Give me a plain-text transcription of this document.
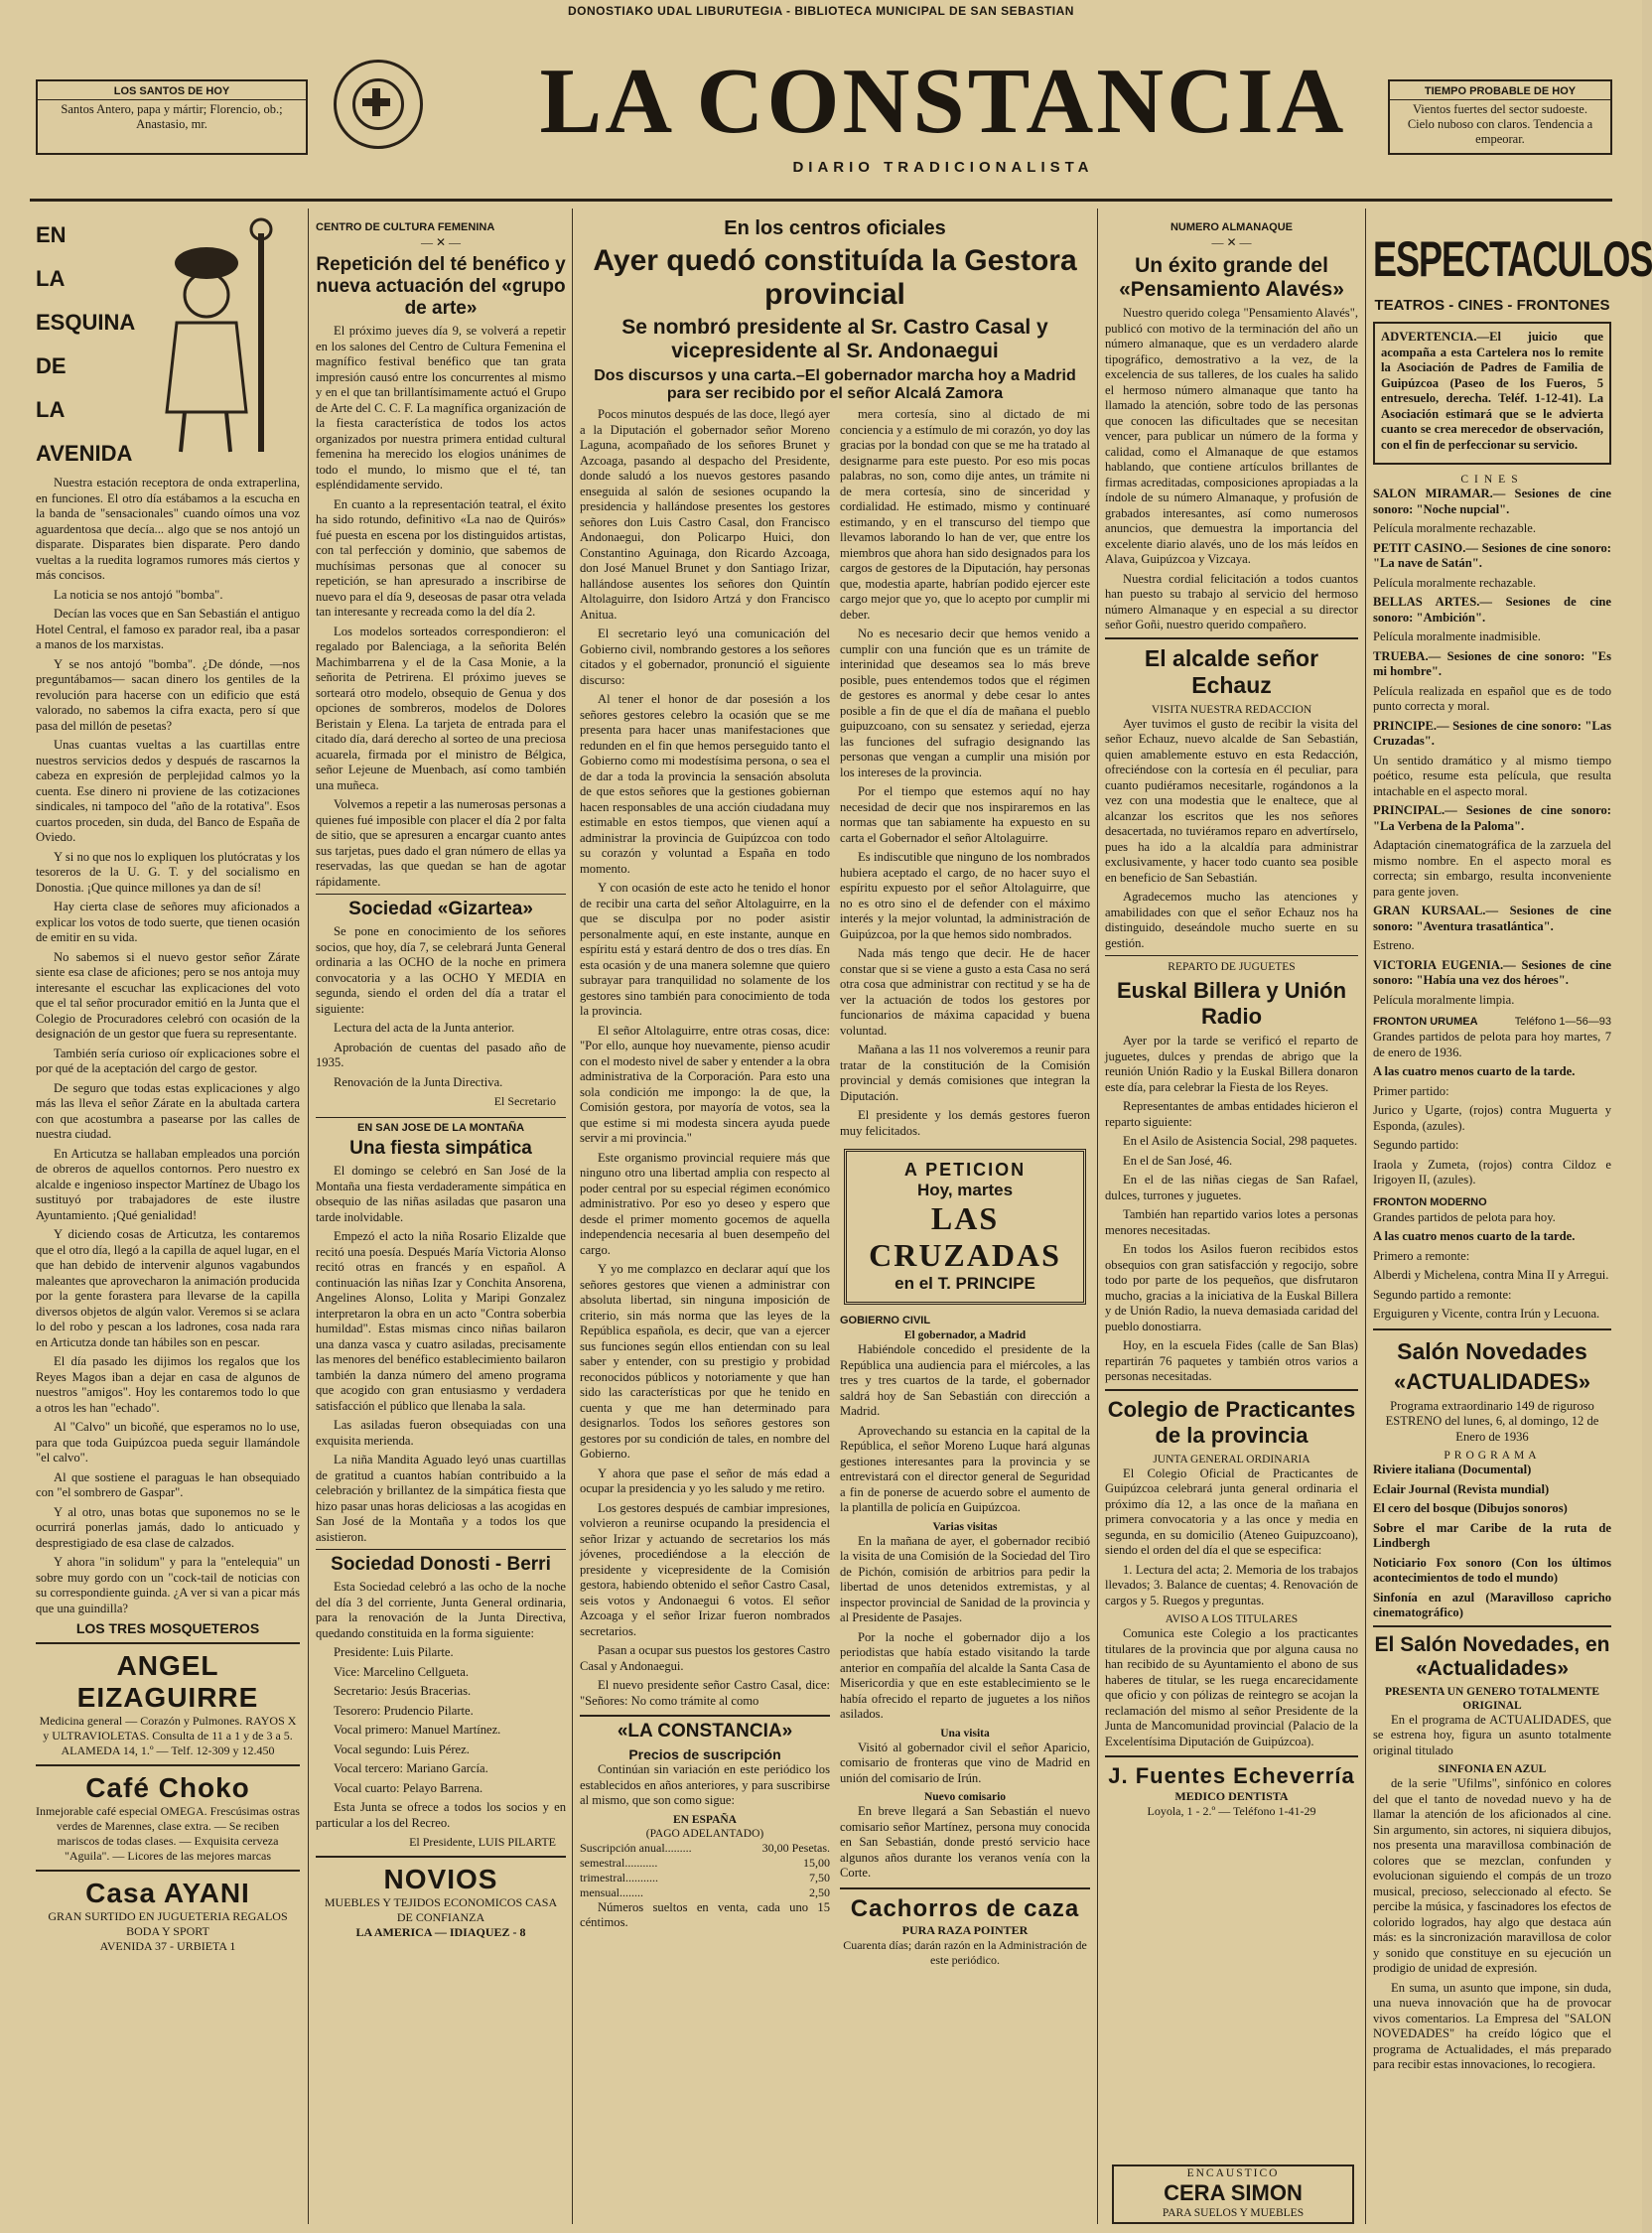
DONOSTIAKO UDAL LIBURUTEGIA - BIBLIOTECA MUNICIPAL DE SAN SEBASTIAN
LOS SANTOS DE HOY

Santos Antero, papa y mártir; Florencio, ob.; Anastasio, mr.	LA CONSTANCIA
DIARIO TRADICIONALISTA
TIEMPO PROBABLE DE HOY

Vientos fuertes del sector sudoeste. Cielo nuboso con claros. Tendencia a empeorar.

EN
LA
ESQUINA
DE
LA
AVENIDA

Nuestra estación receptora de onda extraperlina, en funciones. El otro día estábamos a la escucha en la banda de "sensacionales" cuando oímos una voz aguardentosa que decía... algo que se nos antojó un disparate. Disparates bien disparate. Pero dando vueltas a la ruedita logramos rumores más ciertos y más concisos.

La noticia se nos antojó "bomba".

Decían las voces que en San Sebastián el antiguo Hotel Central, el famoso ex parador real, iba a pasar a manos de los marxistas.

Y se nos antojó "bomba". ¿De dónde, —nos preguntábamos— sacan dinero los gentiles de la revolución para hacerse con un edificio que está valorado, no sabemos la cifra exacta, pero sí que pasa del millón de pesetas?

Unas cuantas vueltas a las cuartillas entre nuestros servicios dedos y después de rascarnos la cabeza en expresión de perplejidad calmos yo la cuenta. Ese dinero ni proviene de las cotizaciones sindicales, ni tampoco del "año de la rotativa". Esos cuartos proceden, sin duda, del Banco de España de Oviedo.

Y si no que nos lo expliquen los plutócratas y los tesoreros de la U. G. T. y del socialismo en Donostia. ¡Que quince millones ya dan de sí!

Hay cierta clase de señores muy aficionados a explicar los votos de todo suerte, que tienen ocasión de emitir en su vida.

No sabemos si el nuevo gestor señor Zárate siente esa clase de aficiones; pero se nos antoja muy interesante el escuchar las explicaciones del voto que el tal señor procurador emitió en la Junta que el Colegio de Procuradores celebró con ocasión de la designación de un gestor que fuera su representante.

También sería curioso oír explicaciones sobre el por qué de la aceptación del cargo de gestor.

De seguro que todas estas explicaciones y algo más las lleva el señor Zárate en la abultada cartera con que acostumbra a pasearse por las calles de nuestra ciudad.

En Articutza se hallaban empleados una porción de obreros de aquellos contornos. Pero nuestro ex alcalde e ingenioso inspector Martínez de Ubago los sustituyó por trabajadores de este ilustre Ayuntamiento. ¡Qué genialidad!

Y diciendo cosas de Articutza, les contaremos que el otro día, llegó a la capilla de aquel lugar, en el que han debido de intervenir algunos vagabundos maleantes que aprovecharon la animación producida por la gente forastera para llevarse de la capilla diversos objetos de algún valor. Veremos si se aclara lo del robo y pescan a los ladrones, cosa nada rara en Articutza donde tan hábiles son en pescar.

El día pasado les dijimos los regalos que los Reyes Magos iban a dejar en casa de algunos de nuestros "amigos". Hoy les contaremos todo lo que a otros les han "echado".

Al "Calvo" un bicoñé, que esperamos no lo use, para que toda Guipúzcoa pueda seguir llamándole "el calvo".

Al que sostiene el paraguas le han obsequiado con "el sombrero de Gaspar".

Y al otro, unas botas que suponemos no se le ocurrirá ponerlas jamás, dado lo anticuado y desprestigiado de esa clase de calzados.

Y ahora "in solidum" y para la "entelequia" un sobre muy gordo con un "cock-tail de noticias con su correspondiente guinda. ¿A ver si van a picar más que una guindilla?

LOS TRES MOSQUETEROS
ANGEL EIZAGUIRRE
Medicina general — Corazón y Pulmones. RAYOS X y ULTRAVIOLETAS. Consulta de 11 a 1 y de 3 a 5. ALAMEDA 14, 1.º — Telf. 12-309 y 12.450
Café Choko
Inmejorable café especial OMEGA. Frescúsimas ostras verdes de Marennes, clase extra. — Se reciben mariscos de todas clases. — Exquisita cerveza "Aguila". — Licores de las mejores marcas
Casa AYANI
GRAN SURTIDO EN JUGUETERIA REGALOS BODA Y SPORT
AVENIDA 37 - URBIETA 1
CENTRO DE CULTURA FEMENINA
— ✕ —
Repetición del té benéfico y nueva actuación del «grupo de arte»

El próximo jueves día 9, se volverá a repetir en los salones del Centro de Cultura Femenina el magnífico festival benéfico que tan grata impresión causó entre los concurrentes al mismo y en el que tan brillantísimamente actuó el Grupo de Arte del C. C. F. La magnífica organización de la fiesta característica de todos los actos organizados por nuestra primera entidad cultural femenina ha merecido los elogios unánimes de todo el mundo, lo mismo que el té, tan espléndidamente servido.

En cuanto a la representación teatral, el éxito ha sido rotundo, definitivo «La nao de Quirós» fué puesta en escena por los distinguidos artistas, con tal perfección y dominio, que sabemos de muchísimas personas que al conocer su repetición, se han apresurado a inscribirse de nuevo para el día 9, deseosas de pasar otra velada tan interesante y recreada como la del día 2.

Los modelos sorteados correspondieron: el regalado por Balenciaga, a la señorita Belén Machimbarrena y el de la Casa Monie, a la señorita de Petrirena. El próximo jueves se sorteará otro modelo, obsequio de Genua y dos opciones de sombreros, modelos de Dolores Beristain y Elena. La tarjeta de entrada para el citado día, dará derecho al sorteo de una preciosa acuarela, firmada por el ministro de Bélgica, señor Lejeune de Muenbach, así como también una muñeca.

Volvemos a repetir a las numerosas personas a quienes fué imposible con placer el día 2 por falta de sitio, que se apresuren a encargar cuanto antes sus tarjetas, pues dado el gran número de ellas ya reservadas, las que quedan se han de agotar rápidamente.

Sociedad «Gizartea»

Se pone en conocimiento de los señores socios, que hoy, día 7, se celebrará Junta General ordinaria a las OCHO de la noche en primera convocatoria y a las OCHO Y MEDIA en segunda, siendo el orden del día a tratar el siguiente:

Lectura del acta de la Junta anterior.

Aprobación de cuentas del pasado año de 1935.

Renovación de la Junta Directiva.

El Secretario
EN SAN JOSE DE LA MONTAÑA
Una fiesta simpática

El domingo se celebró en San José de la Montaña una fiesta verdaderamente simpática en obsequio de las niñas asiladas que pasaron una tarde inolvidable.

Empezó el acto la niña Rosario Elizalde que recitó una poesía. Después María Victoria Alonso recitó otras en francés y en español. A continuación las niñas Izar y Conchita Ansorena, Angelines Alonso, Lolita y Maripi Gonzalez interpretaron la obra en un acto "Contra soberbia humildad". Estas mismas cinco niñas bailaron una danza vasca y cuatro asiladas, precisamente las menores del benéfico establecimiento bailaron también la danza número del ameno programa que acogido con gran entusiasmo y verdadera satisfacción el público que llenaba la sala.

Las asiladas fueron obsequiadas con una exquisita merienda.

La niña Mandita Aguado leyó unas cuartillas de gratitud a cuantos habían contribuido a la celebración y brillantez de la simpática fiesta que hizo pasar unas horas deliciosas a las acogidas en San José de la Montaña y a todos los que asistieron.

Sociedad Donosti - Berri

Esta Sociedad celebró a las ocho de la noche del día 3 del corriente, Junta General ordinaria, para la renovación de la Junta Directiva, quedando constituida en la forma siguiente:

Presidente: Luis Pilarte.

Vice: Marcelino Cellgueta.

Secretario: Jesús Bracerias.

Tesorero: Prudencio Pilarte.

Vocal primero: Manuel Martínez.

Vocal segundo: Luis Pérez.

Vocal tercero: Mariano García.

Vocal cuarto: Pelayo Barrena.

Esta Junta se ofrece a todos los socios y en particular a los del Recreo.

El Presidente, LUIS PILARTE
NOVIOS
MUEBLES Y TEJIDOS ECONOMICOS CASA DE CONFIANZA
LA AMERICA — IDIAQUEZ - 8
En los centros oficiales
Ayer quedó constituída la Gestora provincial
Se nombró presidente al Sr. Castro Casal y vicepresidente al Sr. Andonaegui
Dos discursos y una carta.–El gobernador marcha hoy a Madrid para ser recibido por el señor Alcalá Zamora

Pocos minutos después de las doce, llegó ayer a la Diputación el gobernador señor Moreno Laguna, acompañado de los señores Brunet y Azcoaga, pasando al despacho del Presidente, donde saludó a los nuevos gestores pasando enseguida al salón de sesiones ocupando la presidencia y hallándose presentes los gestores señores don Luis Castro Casal, don Francisco Andonaegui, don Policarpo Huici, don Constantino Aguinaga, don Ricardo Azcoaga, don José Manuel Brunet y don Santiago Irizar, hallándose ausentes los señores don Quintín Altolaguirre, don Isidoro Artzá y don Francisco Anitua.

El secretario leyó una comunicación del Gobierno civil, nombrando gestores a los señores citados y el gobernador, pronunció el siguiente discurso:

Al tener el honor de dar posesión a los señores gestores celebro la ocasión que se me presenta para hacer unas manifestaciones que redunden en el fin que hemos perseguido tanto el Gobierno como mi modestísima persona, o sea el de dar a toda la provincia la sensación absoluta de que estos señores que la gestiones gobiernan hacen responsables de una acción ciudadana muy estimable en estos tiempos, que vienen aquí a administrar la provincia de Guipúzcoa con todo su corazón y voluntad a España en todo momento.

Y con ocasión de este acto he tenido el honor de recibir una carta del señor Altolaguirre, en la que se disculpa por no poder asistir personalmente aquí, en este instante, aunque en espíritu está y estará dentro de dos o tres días. En esta ocasión y de una manera solemne que quiero subrayar para tranquilidad no solamente de los gestores sino también para conocimiento de toda la provincia.

El señor Altolaguirre, entre otras cosas, dice: "Por ello, aunque hoy nuevamente, pienso acudir con el modesto nivel de saber y entender a la obra administrativa de la Corporación. Para esto una sola condición me impongo: la de que, la Comisión gestora, por mayoría de votos, sea la que estime si mi modesta sincera ayuda puede servir a mi provincia."

Este organismo provincial requiere más que ninguno otro una libertad amplia con respecto al poder central por su especial régimen económico administrativo. Por eso yo deseo y espero que desde el primer momento gocemos de aquella independencia necesaria al buen desempeño del cargo.

Y yo me complazco en declarar aquí que los señores gestores que vienen a administrar con absoluta libertad, sin ninguna imposición de criterio, sin más norma que las leyes de la República española, es decir, que van a ejercer sus funciones según ellos entiendan con su leal saber y entender, con su prestigio y probidad reconocidos públicos y notoriamente y que han sido las características por que he tenido en cuenta y que me han determinado para designarlos. Todos los señores gestores son gestores por su condición de tales, en nombre del Gobierno.

Y ahora que pase el señor de más edad a ocupar la presidencia y yo les saludo y me retiro.

Los gestores después de cambiar impresiones, volvieron a reunirse ocupando la presidencia el señor Irizar y actuando de secretarios los más jóvenes, procediéndose a la elección de presidente y vicepresidente de la Comisión gestora, habiendo obtenido el señor Castro Casal, seis votos y Andonaegui 6 votos. El señor Azcoaga y el señor Irizar fueron nombrados secretarios.

Pasan a ocupar sus puestos los gestores Castro Casal y Andonaegui.

El nuevo presidente señor Castro Casal, dice: "Señores: No como trámite al como

«LA CONSTANCIA»
Precios de suscripción

Continúan sin variación en este periódico los establecidos en años anteriores, y para suscribirse al mismo, que son como sigue:

EN ESPAÑA
(PAGO ADELANTADO)
Suscripción anual.........	30,00 Pesetas.
semestral...........	15,00
trimestral...........	7,50
mensual........	2,50

Números sueltos en venta, cada uno 15 céntimos.

mera cortesía, sino al dictado de mi conciencia y a estímulo de mi corazón, yo doy las gracias por la bondad con que se me ha tratado al designarme para este puesto. Por eso mis pocas palabras, no son, como dije antes, un trámite ni de mera cortesía, sino de sinceridad y cordialidad. He estimado, mismo y continuaré estimando, y en el transcurso del tiempo que llevamos laborando lo han de ver, que entre los miembros que ahora han sido designados para los cargos de gestores de la Diputación, hay personas que, modestia aparte, habrían podido ejercer este cargo mejor que yo, que lo acepto por cumplir mi deber.

No es necesario decir que hemos venido a cumplir con una función que es un trámite de interinidad que deseamos sea lo más breve posible, pues entendemos todos que el régimen de gestores es anormal y debe cesar lo antes posible a fin de que el día de mañana el pueblo guipuzcoano, con su sensatez y seriedad, ejerza las funciones del sufragio designando las personas que vengan a cumplir una misión por los intereses de la provincia.

Por el tiempo que estemos aquí no hay necesidad de decir que nos inspiraremos en las normas que tan sabiamente ha expuesto en su carta el Gobernador el señor Altolaguirre.

Es indiscutible que ninguno de los nombrados hubiera aceptado el cargo, de no hacer suyo el espíritu expuesto por el señor Altolaguirre, que no es otro sino el de defender con el máximo interés y la mejor voluntad, la administración de Guipúzcoa, por la que hemos sido nombrados.

Nada más tengo que decir. He de hacer constar que si se viene a gusto a esta Casa no será otra cosa que administrar con rectitud y se ha de ver la actuación de todos los gestores por funcionarios de máxima capacidad y buena voluntad.

Mañana a las 11 nos volveremos a reunir para tratar de la constitución de la Comisión provincial y demás comisiones que integran la Diputación.

El presidente y los demás gestores fueron muy felicitados.

A PETICION
Hoy, martes
LAS CRUZADAS
en el T. PRINCIPE
GOBIERNO CIVIL
El gobernador, a Madrid

Habiéndole concedido el presidente de la República una audiencia para el miércoles, a las tres y tres cuartos de la tarde, el gobernador saldrá hoy de San Sebastián con dirección a Madrid.

Aprovechando su estancia en la capital de la República, el señor Moreno Luque hará algunas gestiones interesantes para la provincia y se entrevistará con el director general de Seguridad a fin de ponerse de acuerdo sobre el aumento de la plantilla de policía en Guipúzcoa.

Varias visitas

En la mañana de ayer, el gobernador recibió la visita de una Comisión de la Sociedad del Tiro de Pichón, comisión de arbitrios para pedir la libertad de unos detenidos extremistas, y al inspector provincial de Sanidad de la provincia y al Presidente de Pasajes.

Por la noche el gobernador dijo a los periodistas que había estado visitando la tarde anterior en compañía del alcalde la Santa Casa de Misericordia y que en este establecimiento se le había ofrecido el reparto de juguetes a los niños asilados.

Una visita

Visitó al gobernador civil el señor Aparicio, comisario de fronteras que vino de Madrid en unión del comisario de Irún.

Nuevo comisario

En breve llegará a San Sebastián el nuevo comisario señor Martínez, persona muy conocida en San Sebastián, donde prestó servicio hace algunos años durante los veranos venía con la Corte.

Cachorros de caza
PURA RAZA POINTER
Cuarenta días; darán razón en la Administración de este periódico.
NUMERO ALMANAQUE
— ✕ —
Un éxito grande del «Pensamiento Alavés»

Nuestro querido colega "Pensamiento Alavés", publicó con motivo de la terminación del año un número almanaque, que es un verdadero alarde tipográfico, demostrativo a la vez, de la excelencia de sus talleres, de los cuales ha salido el hermoso número almanaque que tanto ha llamado la atención, sobre todo de las personas que conocen las dificultades que se necesitan vencer, para publicar un número de la forma y calidad, como el Almanaque de que estamos hablando, que contiene artículos brillantes de firmas acreditadas, composiciones apropiadas a la índole de su número Almanaque, y profusión de grabados interesantes, así como numerosos anuncios, que demuestra la importancia del excelente diario alavés, uno de los más leídos en Alava, Guipúzcoa y Vizcaya.

Nuestra cordial felicitación a todos cuantos han puesto su trabajo al servicio del hermoso número Almanaque y en especial a su director señor Goñi, nuestro querido compañero.

El alcalde señor Echauz
VISITA NUESTRA REDACCION

Ayer tuvimos el gusto de recibir la visita del señor Echauz, nuevo alcalde de San Sebastián, quien amablemente estuvo en esta Redacción, ofreciéndose con la cortesía en él peculiar, para cuanto pudiéramos necesitarle, rogándonos a la vez con una modestia que le enaltece, que al alcanzar los escritos que les nos señores desacertada, no tuviéramos reparo en advertírselo, pues ha ido a la alcaldía para administrar exclusivamente, y hacer todo cuanto sea posible en beneficio de San Sebastián.

Agradecemos mucho las atenciones y amabilidades con que el señor Echauz nos ha distinguido, deseándole mucho suerte en su gestión.

REPARTO DE JUGUETES
Euskal Billera y Unión Radio

Ayer por la tarde se verificó el reparto de juguetes, dulces y prendas de abrigo que la reunión Unión Radio y la Euskal Billera donaron este día, para celebrar la Fiesta de los Reyes.

Representantes de ambas entidades hicieron el reparto siguiente:

En el Asilo de Asistencia Social, 298 paquetes.

En el de San José, 46.

En el de las niñas ciegas de San Rafael, dulces, turrones y juguetes.

También han repartido varios lotes a personas menores necesitadas.

En todos los Asilos fueron recibidos estos obsequios con gran satisfacción y regocijo, sobre todo por parte de los pequeños, que disfrutaron mucho, gracias a la iniciativa de la Euskal Billera y de Unión Radio, la nueva demasiada caridad del pueblo donostiarra.

Hoy, en la escuela Fides (calle de San Blas) repartirán 76 paquetes y también otros varios a personas necesitadas.

Colegio de Practicantes de la provincia
JUNTA GENERAL ORDINARIA

El Colegio Oficial de Practicantes de Guipúzcoa celebrará junta general ordinaria el próximo día 12, a las once de la mañana en primera convocatoria y a las once y media en segunda, en su domicilio (Ateneo Guipuzcoano), siendo el orden del día el que se especifica:

1. Lectura del acta; 2. Memoria de los trabajos llevados; 3. Balance de cuentas; 4. Renovación de cargos y 5. Ruegos y preguntas.

AVISO A LOS TITULARES

Comunica este Colegio a los practicantes titulares de la provincia que por alguna causa no han recibido de su Ayuntamiento el abono de sus haberes de titular, se les ruega encarecidamente que oficio y con pólizas de reintegro se acojan la reclamación del mismo al señor Presidente de la Junta de Mancomunidad provincial (Palacio de la Excelentísima Diputación de Guipúzcoa).

J. Fuentes Echeverría
MEDICO DENTISTA
Loyola, 1 - 2.º — Teléfono 1-41-29
ESPECTACULOS
TEATROS - CINES - FRONTONES

ADVERTENCIA.—El juicio que acompaña a esta Cartelera nos lo remite la Asociación de Padres de Familia de Guipúzcoa (Paseo de los Fueros, 5 entresuelo, derecha. Teléf. 1-12-41). La Asociación estimará que se le advierta cuanto se crea merecedor de observación, con el fin de perfeccionar su servicio.

CINES

SALON MIRAMAR.— Sesiones de cine sonoro: "Noche nupcial".

Película moralmente rechazable.

PETIT CASINO.— Sesiones de cine sonoro: "La nave de Satán".

Película moralmente rechazable.

BELLAS ARTES.— Sesiones de cine sonoro: "Ambición".

Película moralmente inadmisible.

TRUEBA.— Sesiones de cine sonoro: "Es mi hombre".

Película realizada en español que es de todo punto correcta y moral.

PRINCIPE.— Sesiones de cine sonoro: "Las Cruzadas".

Un sentido dramático y al mismo tiempo poético, resume esta película, que resulta intachable en el aspecto moral.

PRINCIPAL.— Sesiones de cine sonoro: "La Verbena de la Paloma".

Adaptación cinematográfica de la zarzuela del mismo nombre. En el aspecto moral es correcta; sin embargo, resulta inconveniente para gente joven.

GRAN KURSAAL.— Sesiones de cine sonoro: "Aventura trasatlántica".

Estreno.

VICTORIA EUGENIA.— Sesiones de cine sonoro: "Había una vez dos héroes".

Película moralmente limpia.

FRONTON URUMEA	Teléfono 1—56—93

Grandes partidos de pelota para hoy martes, 7 de enero de 1936.

A las cuatro menos cuarto de la tarde.

Primer partido:

Jurico y Ugarte, (rojos) contra Muguerta y Esponda, (azules).

Segundo partido:

Iraola y Zumeta, (rojos) contra Cildoz e Irigoyen II, (azules).

FRONTON MODERNO

Grandes partidos de pelota para hoy.

A las cuatro menos cuarto de la tarde.

Primero a remonte:

Alberdi y Michelena, contra Mina II y Arregui.

Segundo partido a remonte:

Erguiguren y Vicente, contra Irún y Lecuona.

Salón Novedades
«ACTUALIDADES»

Programa extraordinario 149 de riguroso ESTRENO del lunes, 6, al domingo, 12 de Enero de 1936

PROGRAMA

Riviere italiana (Documental)

Eclair Journal (Revista mundial)

El cero del bosque (Dibujos sonoros)

Sobre el mar Caribe de la ruta de Lindbergh

Noticiario Fox sonoro (Con los últimos acontecimientos de todo el mundo)

Sinfonía en azul (Maravilloso capricho cinematográfico)

El Salón Novedades, en «Actualidades»
PRESENTA UN GENERO TOTALMENTE ORIGINAL

En el programa de ACTUALIDADES, que se estrena hoy, figura un asunto totalmente original titulado

SINFONIA EN AZUL

de la serie "Ufilms", sinfónico en colores del que el tanto de novedad nuevo y ha de llamar la atención de los aficionados al cine. Sin argumento, sin actores, ni siquiera dibujos, nos presenta una maravillosa combinación de colores que se mezclan, confunden y evolucionan siguiendo el compás de un trozo musical, precioso, seleccionado al efecto. Se percibe la música, y fascinadores los efectos de colorido logrados, hay algo que destaca aún más: es la sincronización maravillosa de color y sonido que constituye en su ejecución un prodigio de unidad de expresión.

En suma, un asunto que impone, sin duda, una nueva innovación que ha de provocar vivos comentarios. La Empresa del "SALON NOVEDADES" ha creído lógico que el programa de Actualidades, el más preparado para recibir estas innovaciones, lo recogiera.

ENCAUSTICO
CERA SIMON
PARA SUELOS Y MUEBLES
